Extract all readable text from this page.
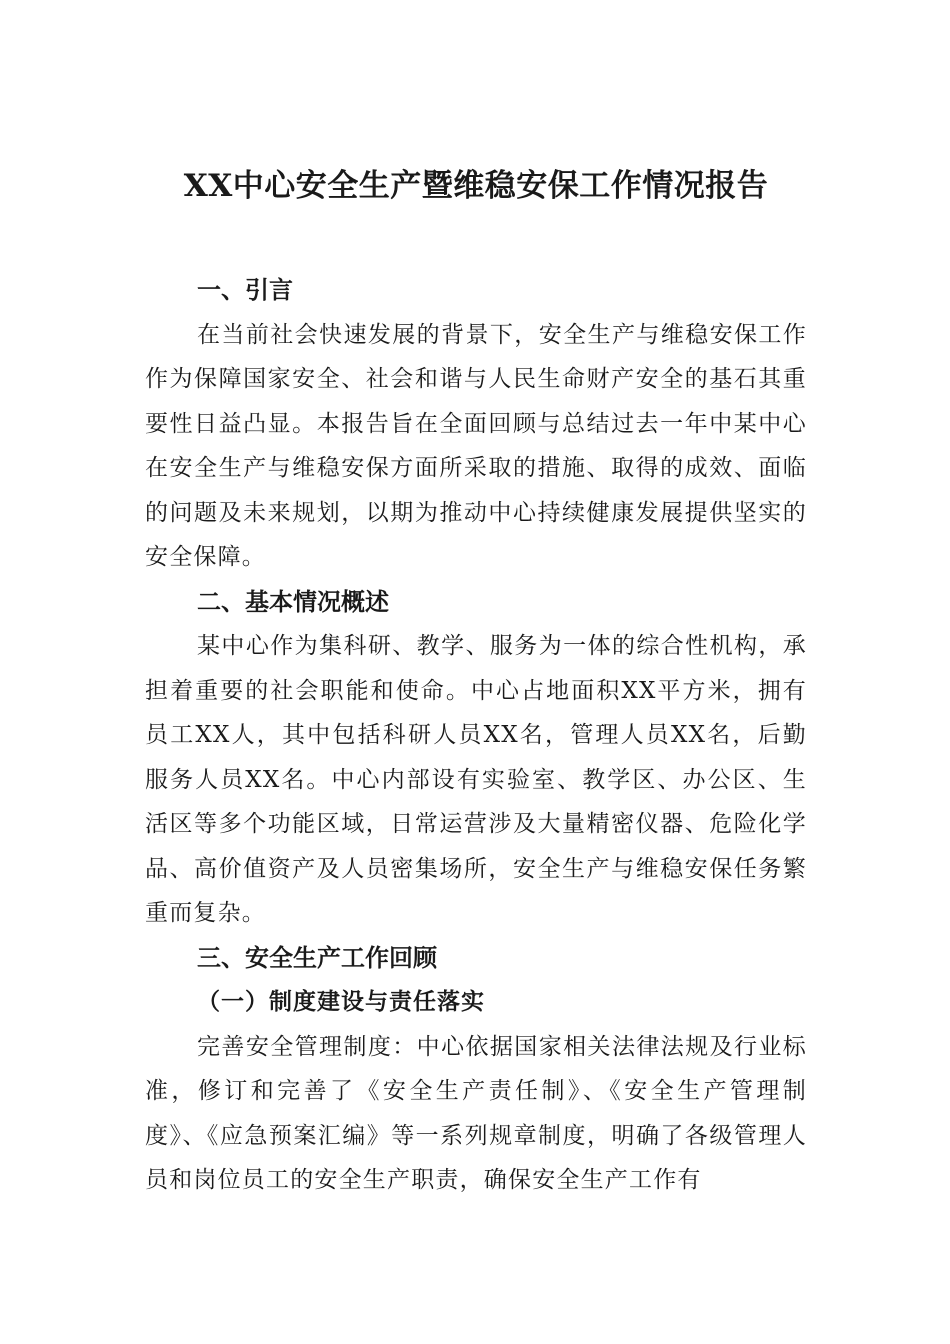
XX中心安全生产暨维稳安保工作情况报告
一、引言

在当前社会快速发展的背景下，安全生产与维稳安保工作作为保障国家安全、社会和谐与人民生命财产安全的基石其重要性日益凸显。本报告旨在全面回顾与总结过去一年中某中心在安全生产与维稳安保方面所采取的措施、取得的成效、面临的问题及未来规划，以期为推动中心持续健康发展提供坚实的安全保障。

二、基本情况概述

某中心作为集科研、教学、服务为一体的综合性机构，承担着重要的社会职能和使命。中心占地面积XX平方米，拥有员工XX人，其中包括科研人员XX名，管理人员XX名，后勤服务人员XX名。中心内部设有实验室、教学区、办公区、生活区等多个功能区域，日常运营涉及大量精密仪器、危险化学品、高价值资产及人员密集场所，安全生产与维稳安保任务繁重而复杂。

三、安全生产工作回顾
（一）制度建设与责任落实

完善安全管理制度：中心依据国家相关法律法规及行业标准，修订和完善了《安全生产责任制》、《安全生产管理制度》、《应急预案汇编》等一系列规章制度，明确了各级管理人员和岗位员工的安全生产职责，确保安全生产工作有
